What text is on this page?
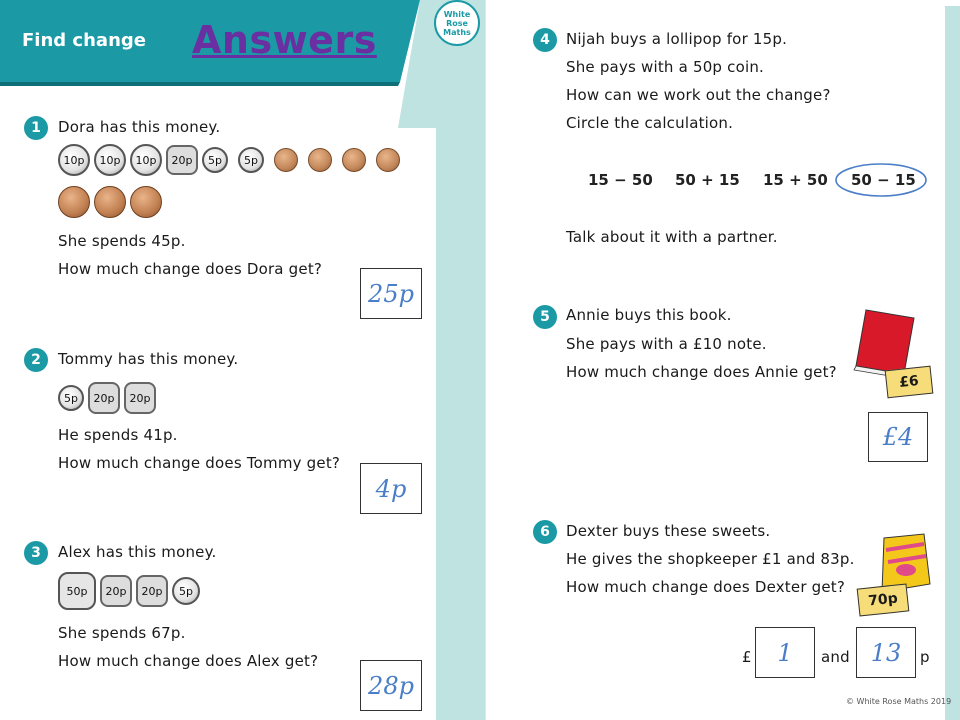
Find change Answers
White
Rose
Maths
1	Dora has this money.
10p	10p	10p	20p	5p	5p
She spends 45p.
How much change does Dora get?
25p
2	Tommy has this money.
5p	20p	20p
He spends 41p.
How much change does Tommy get?
4p
3	Alex has this money.
50p	20p	20p	5p
She spends 67p.
How much change does Alex get?
28p
4	Nijah buys a lollipop for 15p.
She pays with a 50p coin.
How can we work out the change?
Circle the calculation.
15 − 50 50 + 15 15 + 50 50 − 15
Talk about it with a partner.
5	Annie buys this book.
She pays with a £10 note.
How much change does Annie get?
£6
£4
6	Dexter buys these sweets.
He gives the shopkeeper £1 and 83p.
How much change does Dexter get?
70p
£	1	and 13	p
© White Rose Maths 2019
